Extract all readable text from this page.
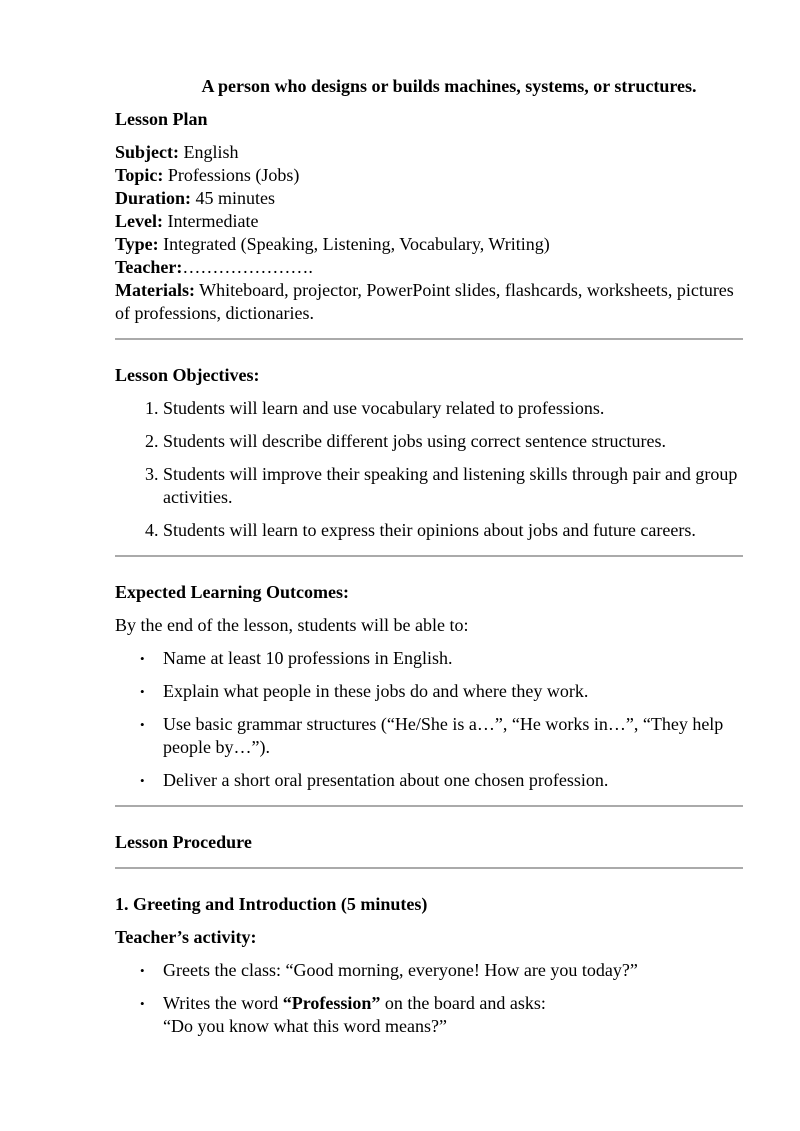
A person who designs or builds machines, systems, or structures.

Lesson Plan

Subject: English

Topic: Professions (Jobs)

Duration: 45 minutes

Level: Intermediate

Type: Integrated (Speaking, Listening, Vocabulary, Writing)

Teacher:………………….

Materials: Whiteboard, projector, PowerPoint slides, flashcards, worksheets, pictures of professions, dictionaries.

Lesson Objectives:

1. Students will learn and use vocabulary related to professions.
2. Students will describe different jobs using correct sentence structures.
3. Students will improve their speaking and listening skills through pair and group activities.
4. Students will learn to express their opinions about jobs and future careers.

Expected Learning Outcomes:

By the end of the lesson, students will be able to:

• Name at least 10 professions in English.
• Explain what people in these jobs do and where they work.
• Use basic grammar structures (“He/She is a…”, “He works in…”, “They help people by…”).
• Deliver a short oral presentation about one chosen profession.

Lesson Procedure

1. Greeting and Introduction (5 minutes)

Teacher’s activity:

• Greets the class: “Good morning, everyone! How are you today?”
• Writes the word “Profession” on the board and asks:
“Do you know what this word means?”
